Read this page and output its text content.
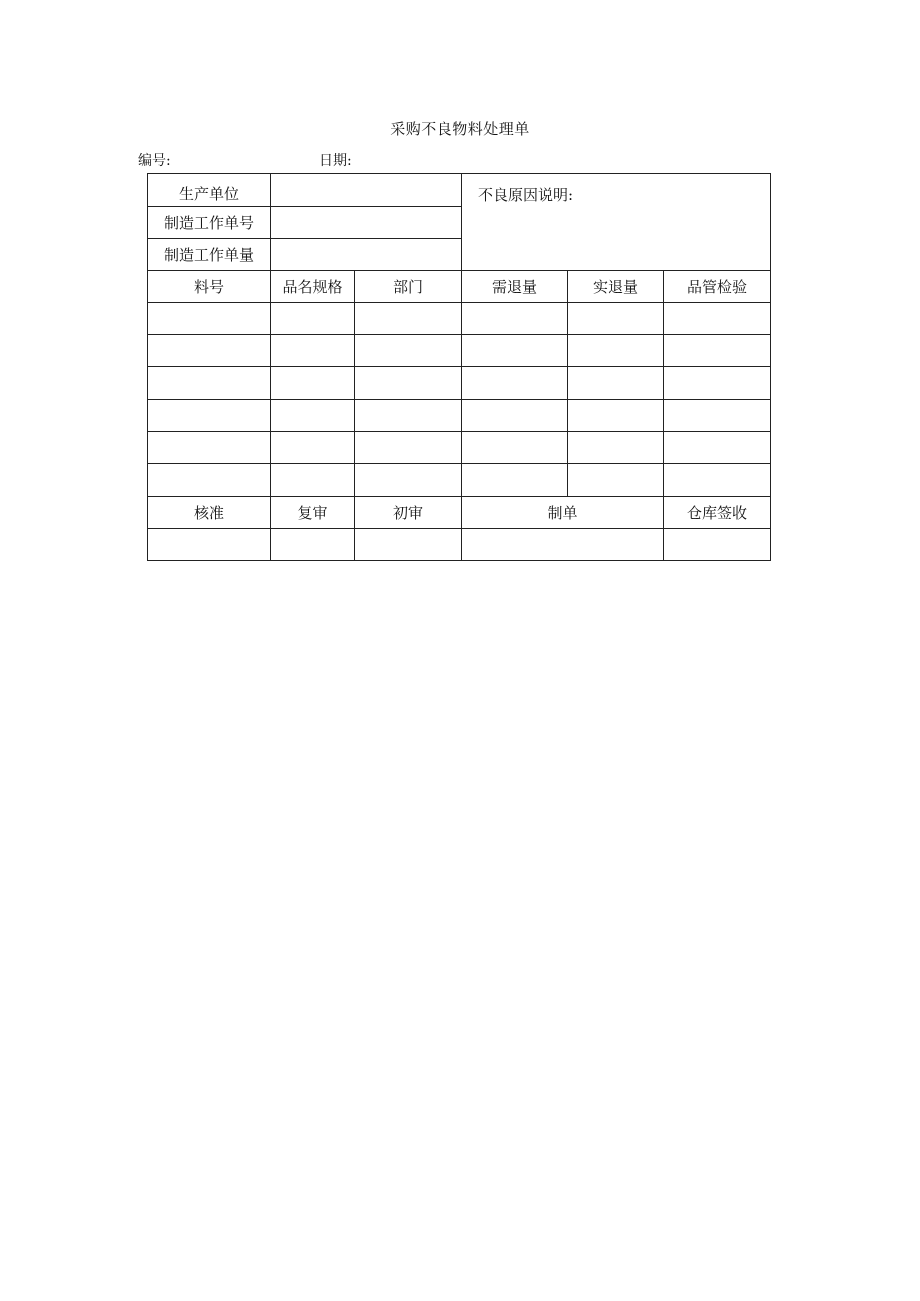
采购不良物料处理单
编号:	日期:
生产单位			不良原因说明:		
制造工作单号					
制造工作单量					
料号	品名规格	部门	需退量	实退量	品管检验

核准	复审	初审	制单		仓库签收
